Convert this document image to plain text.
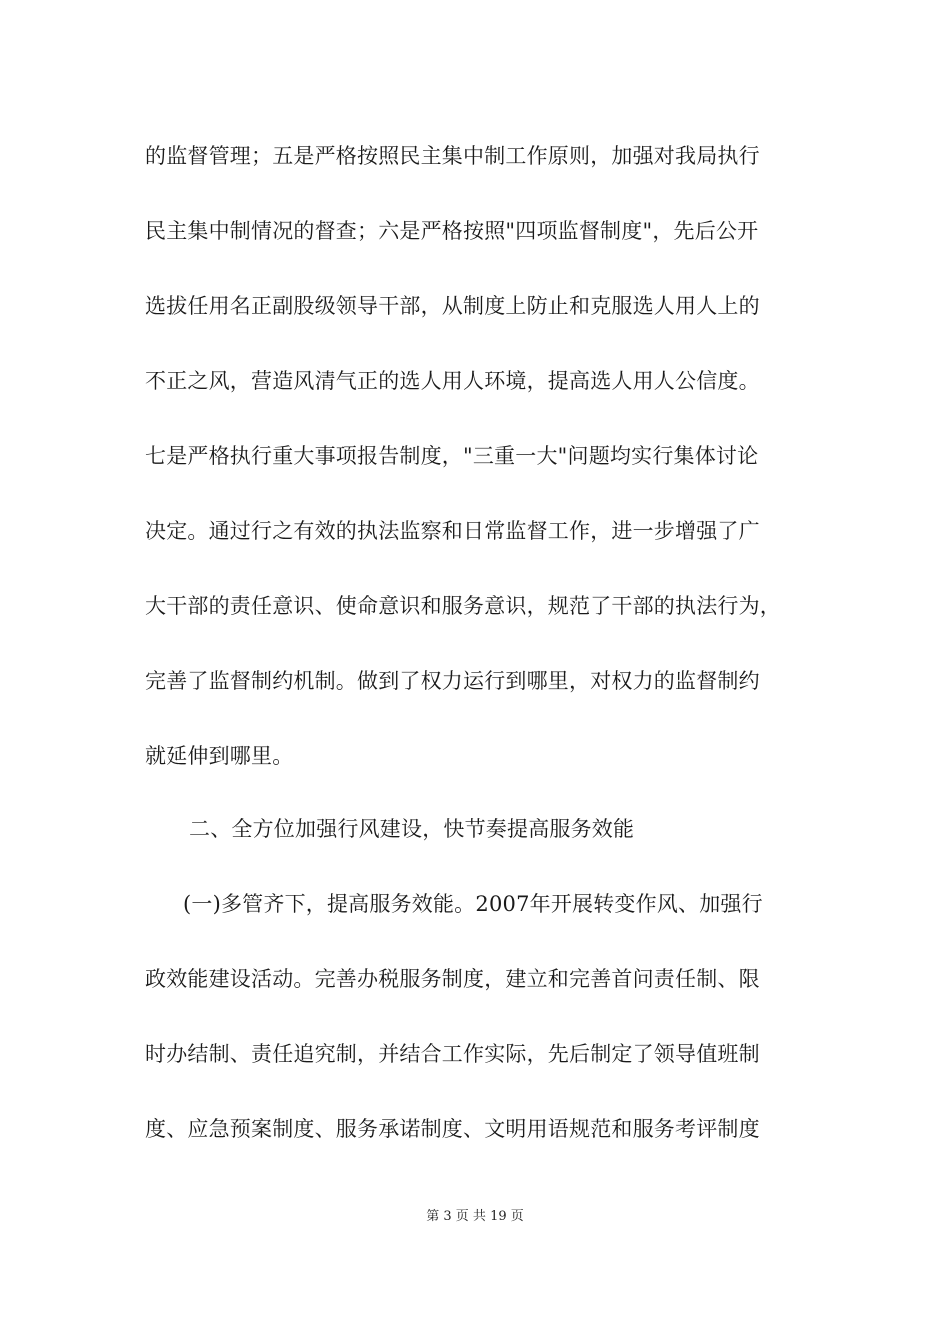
的监督管理；五是严格按照民主集中制工作原则，加强对我局执行
民主集中制情况的督查；六是严格按照"四项监督制度"，先后公开
选拔任用名正副股级领导干部，从制度上防止和克服选人用人上的
不正之风，营造风清气正的选人用人环境，提高选人用人公信度。
七是严格执行重大事项报告制度，"三重一大"问题均实行集体讨论
决定。通过行之有效的执法监察和日常监督工作，进一步增强了广
大干部的责任意识、使命意识和服务意识，规范了干部的执法行为，
完善了监督制约机制。做到了权力运行到哪里，对权力的监督制约
就延伸到哪里。
二、全方位加强行风建设，快节奏提高服务效能
(一)多管齐下，提高服务效能。2007年开展转变作风、加强行
政效能建设活动。完善办税服务制度，建立和完善首问责任制、限
时办结制、责任追究制，并结合工作实际，先后制定了领导值班制
度、应急预案制度、服务承诺制度、文明用语规范和服务考评制度
第 3 页 共 19 页
